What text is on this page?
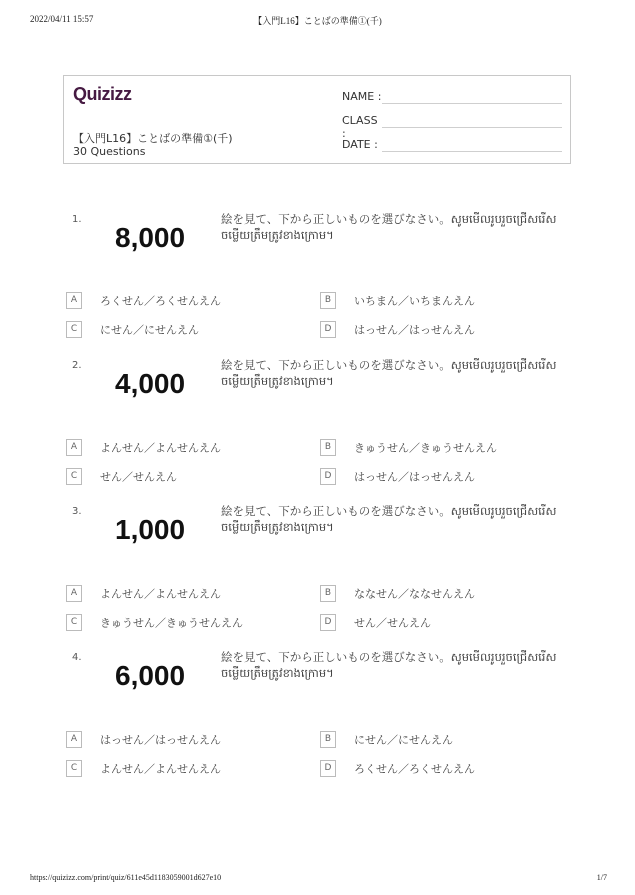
2022/04/11 15:57	【入門L16】ことばの準備①(千)
Quizizz
【入門L16】ことばの準備①(千)
30 Questions
NAME :
CLASS :
DATE :
1.
8,000
絵を見て、下から正しいものを選びなさい。សូមមើលរូបរួចជ្រើសរើសចម្លើយត្រឹមត្រូវខាងក្រោម។
A ろくせん／ろくせんえん	B いちまん／いちまんえん
C にせん／にせんえん	D はっせん／はっせんえん
2.
4,000
絵を見て、下から正しいものを選びなさい。សូមមើលរូបរួចជ្រើសរើសចម្លើយត្រឹមត្រូវខាងក្រោម។
A よんせん／よんせんえん	B きゅうせん／きゅうせんえん
C せん／せんえん	D はっせん／はっせんえん
3.
1,000
絵を見て、下から正しいものを選びなさい。សូមមើលរូបរួចជ្រើសរើសចម្លើយត្រឹមត្រូវខាងក្រោម។
A よんせん／よんせんえん	B ななせん／ななせんえん
C きゅうせん／きゅうせんえん	D せん／せんえん
4.
6,000
絵を見て、下から正しいものを選びなさい。សូមមើលរូបរួចជ្រើសរើសចម្លើយត្រឹមត្រូវខាងក្រោម។
A はっせん／はっせんえん	B にせん／にせんえん
C よんせん／よんせんえん	D ろくせん／ろくせんえん
https://quizizz.com/print/quiz/611e45d1183059001d627e10	1/7
